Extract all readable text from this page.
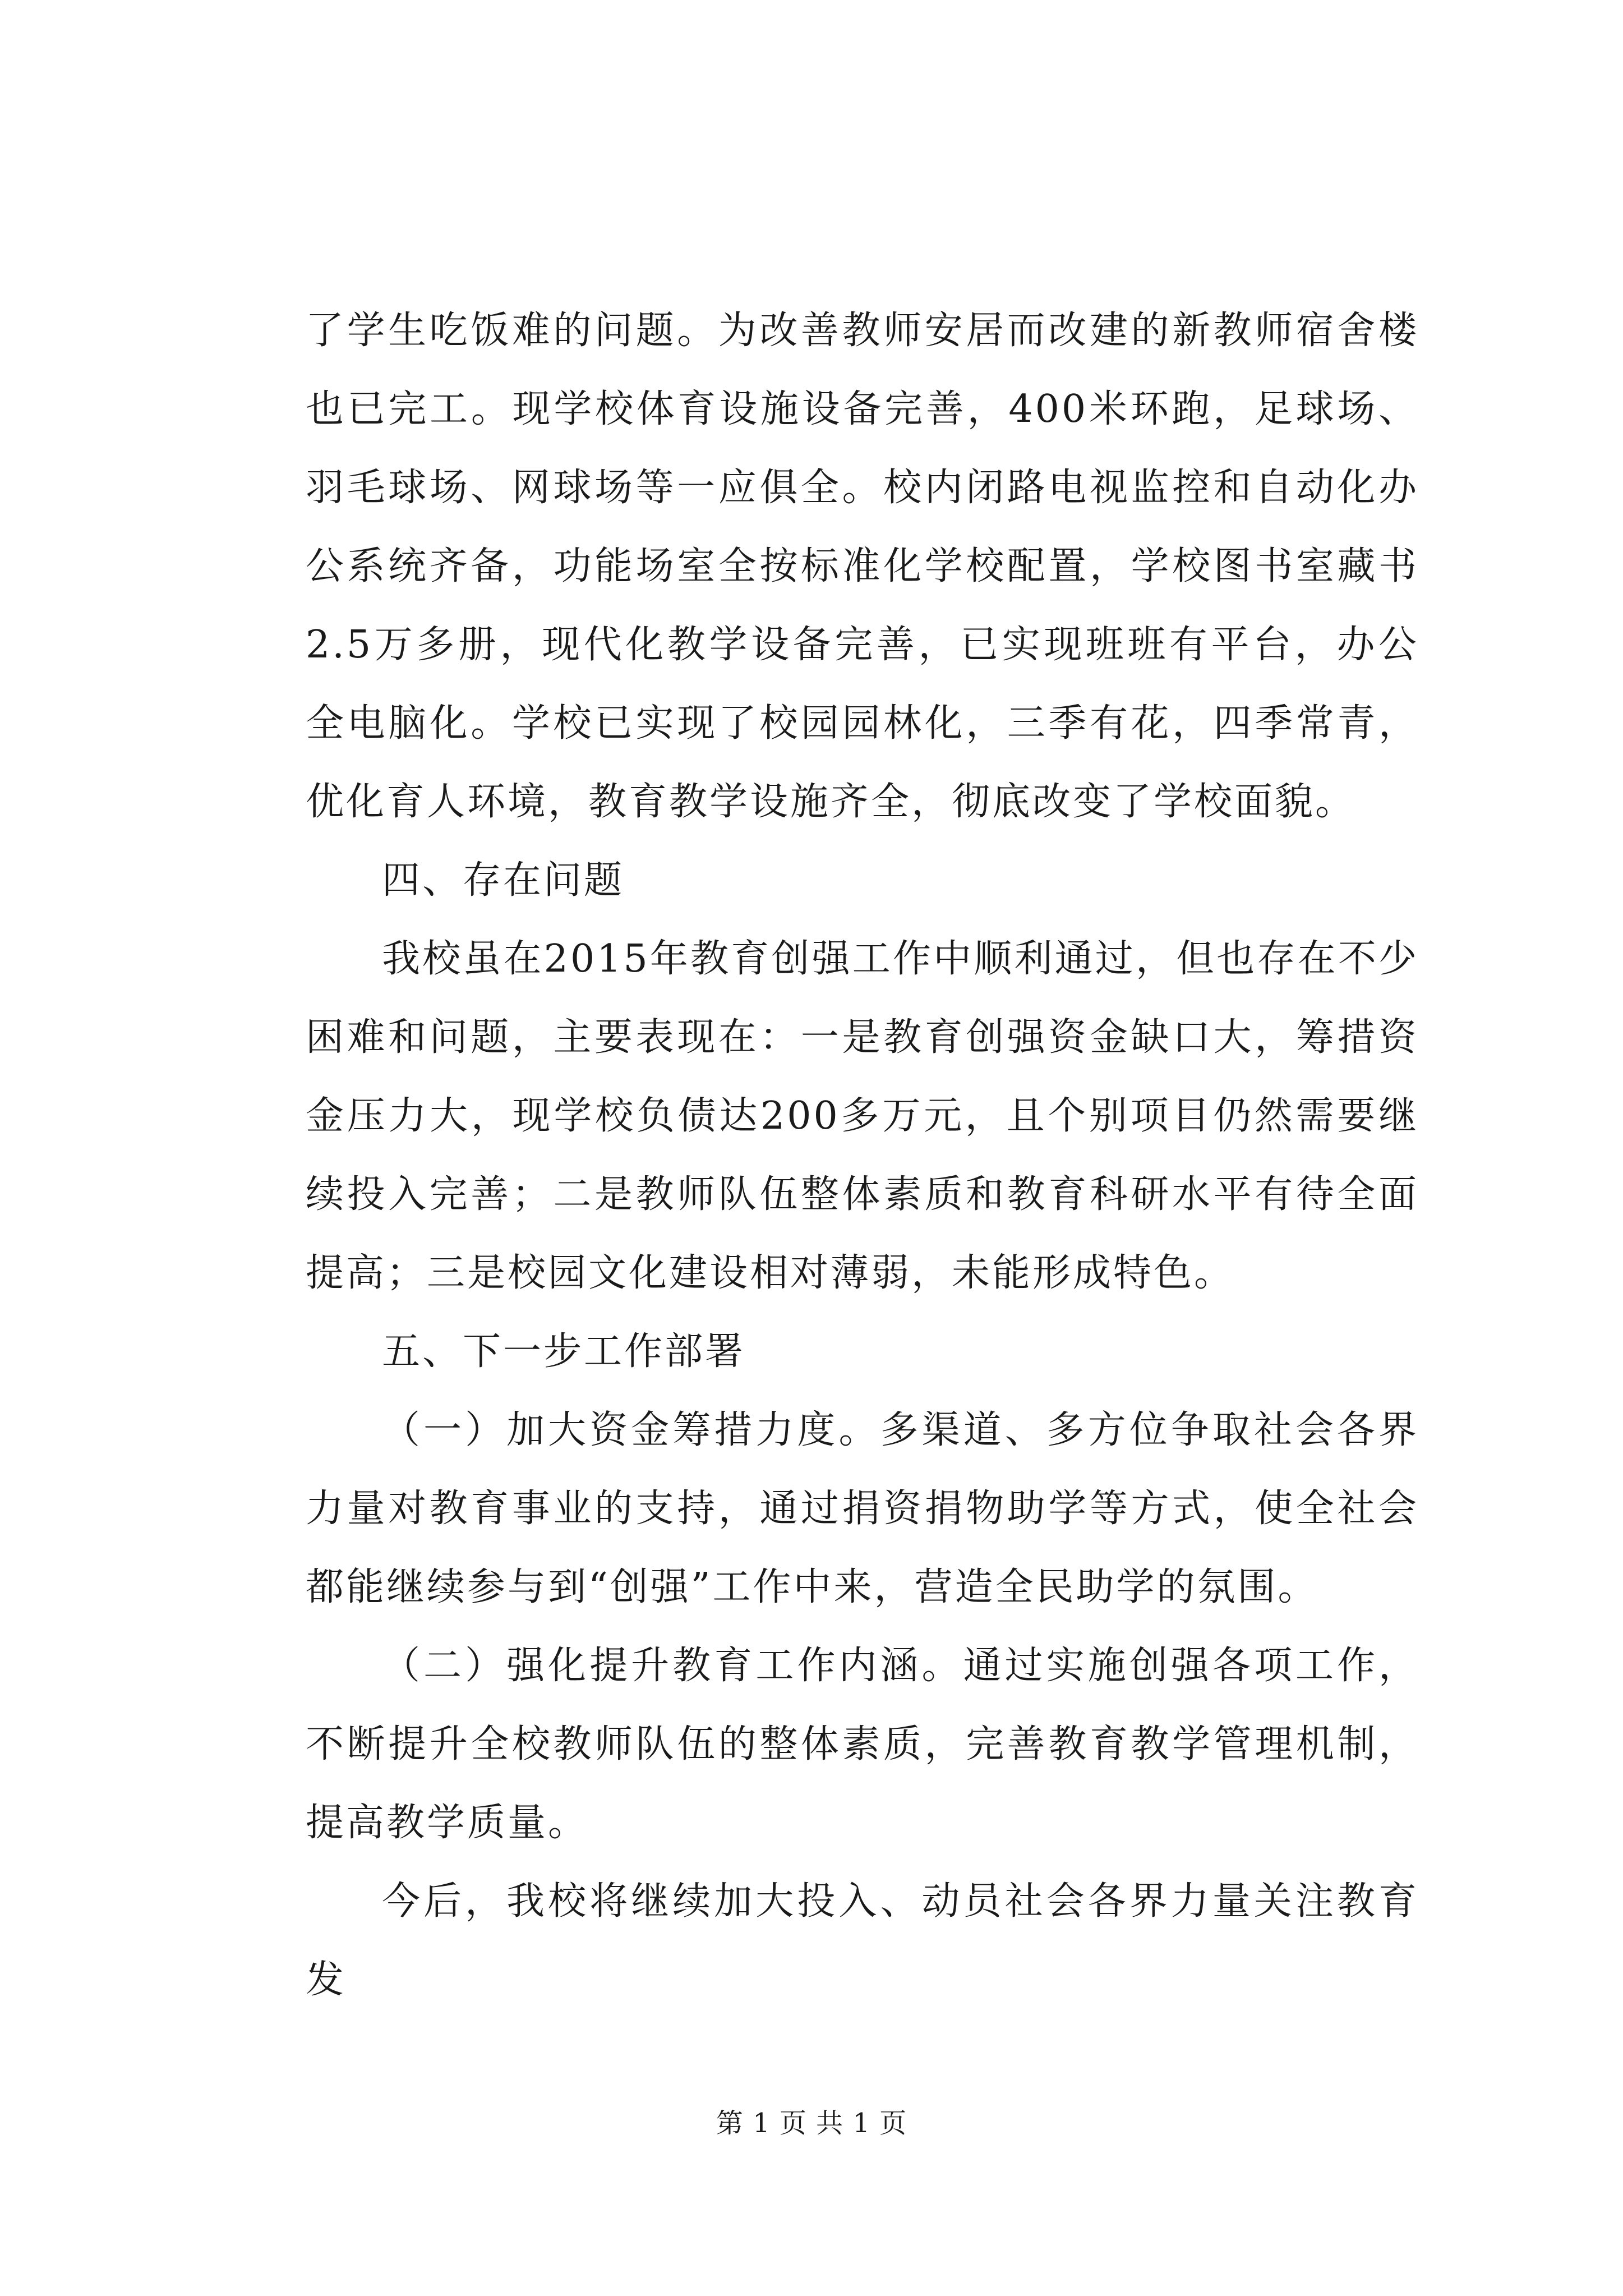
了学生吃饭难的问题。为改善教师安居而改建的新教师宿舍楼也已完工。现学校体育设施设备完善，400米环跑，足球场、羽毛球场、网球场等一应俱全。校内闭路电视监控和自动化办公系统齐备，功能场室全按标准化学校配置，学校图书室藏书2.5万多册，现代化教学设备完善，已实现班班有平台，办公全电脑化。学校已实现了校园园林化，三季有花，四季常青，优化育人环境，教育教学设施齐全，彻底改变了学校面貌。

四、存在问题

我校虽在2015年教育创强工作中顺利通过，但也存在不少困难和问题，主要表现在：一是教育创强资金缺口大，筹措资金压力大，现学校负债达200多万元，且个别项目仍然需要继续投入完善；二是教师队伍整体素质和教育科研水平有待全面提高；三是校园文化建设相对薄弱，未能形成特色。

五、下一步工作部署

（一）加大资金筹措力度。多渠道、多方位争取社会各界力量对教育事业的支持，通过捐资捐物助学等方式，使全社会都能继续参与到“创强”工作中来，营造全民助学的氛围。

（二）强化提升教育工作内涵。通过实施创强各项工作，不断提升全校教师队伍的整体素质，完善教育教学管理机制，提高教学质量。

今后，我校将继续加大投入、动员社会各界力量关注教育发

第 1 页 共 1 页
